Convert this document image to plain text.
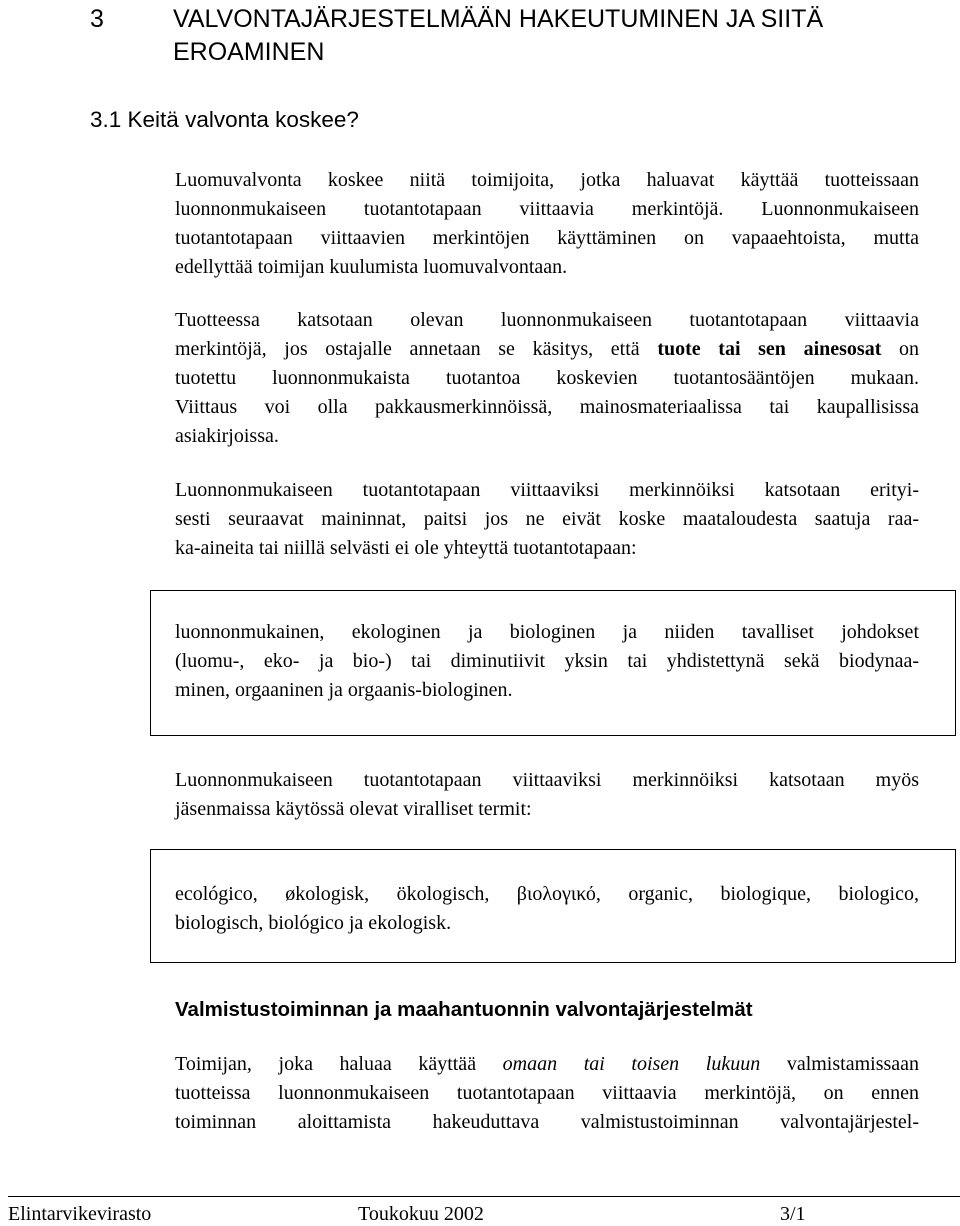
3	VALVONTAJÄRJESTELMÄÄN HAKEUTUMINEN JA SIITÄ EROAMINEN
3.1 Keitä valvonta koskee?
Luomuvalvonta koskee niitä toimijoita, jotka haluavat käyttää tuotteissaan
luonnonmukaiseen tuotantotapaan viittaavia merkintöjä. Luonnonmukaiseen
tuotantotapaan viittaavien merkintöjen käyttäminen on vapaaehtoista, mutta
edellyttää toimijan kuulumista luomuvalvontaan.
Tuotteessa katsotaan olevan luonnonmukaiseen tuotantotapaan viittaavia
merkintöjä, jos ostajalle annetaan se käsitys, että tuote tai sen ainesosat on
tuotettu luonnonmukaista tuotantoa koskevien tuotantosääntöjen mukaan.
Viittaus voi olla pakkausmerkinnöissä, mainosmateriaalissa tai kaupallisissa
asiakirjoissa.
Luonnonmukaiseen tuotantotapaan viittaaviksi merkinnöiksi katsotaan erityi-
sesti seuraavat maininnat, paitsi jos ne eivät koske maataloudesta saatuja raa-
ka-aineita tai niillä selvästi ei ole yhteyttä tuotantotapaan:
luonnonmukainen, ekologinen ja biologinen ja niiden tavalliset johdokset
(luomu-, eko- ja bio-) tai diminutiivit yksin tai yhdistettynä sekä biodynaa-
minen, orgaaninen ja orgaanis-biologinen.
Luonnonmukaiseen tuotantotapaan viittaaviksi merkinnöiksi katsotaan myös
jäsenmaissa käytössä olevat viralliset termit:
ecológico, økologisk, ökologisch, βιολογικό, organic, biologique, biologico,
biologisch, biológico ja ekologisk.
Valmistustoiminnan ja maahantuonnin valvontajärjestelmät
Toimijan, joka haluaa käyttää omaan tai toisen lukuun valmistamissaan
tuotteissa luonnonmukaiseen tuotantotapaan viittaavia merkintöjä, on ennen
toiminnan aloittamista hakeuduttava valmistustoiminnan valvontajärjestel-
Elintarvikevirasto	Toukokuu 2002	3/1
